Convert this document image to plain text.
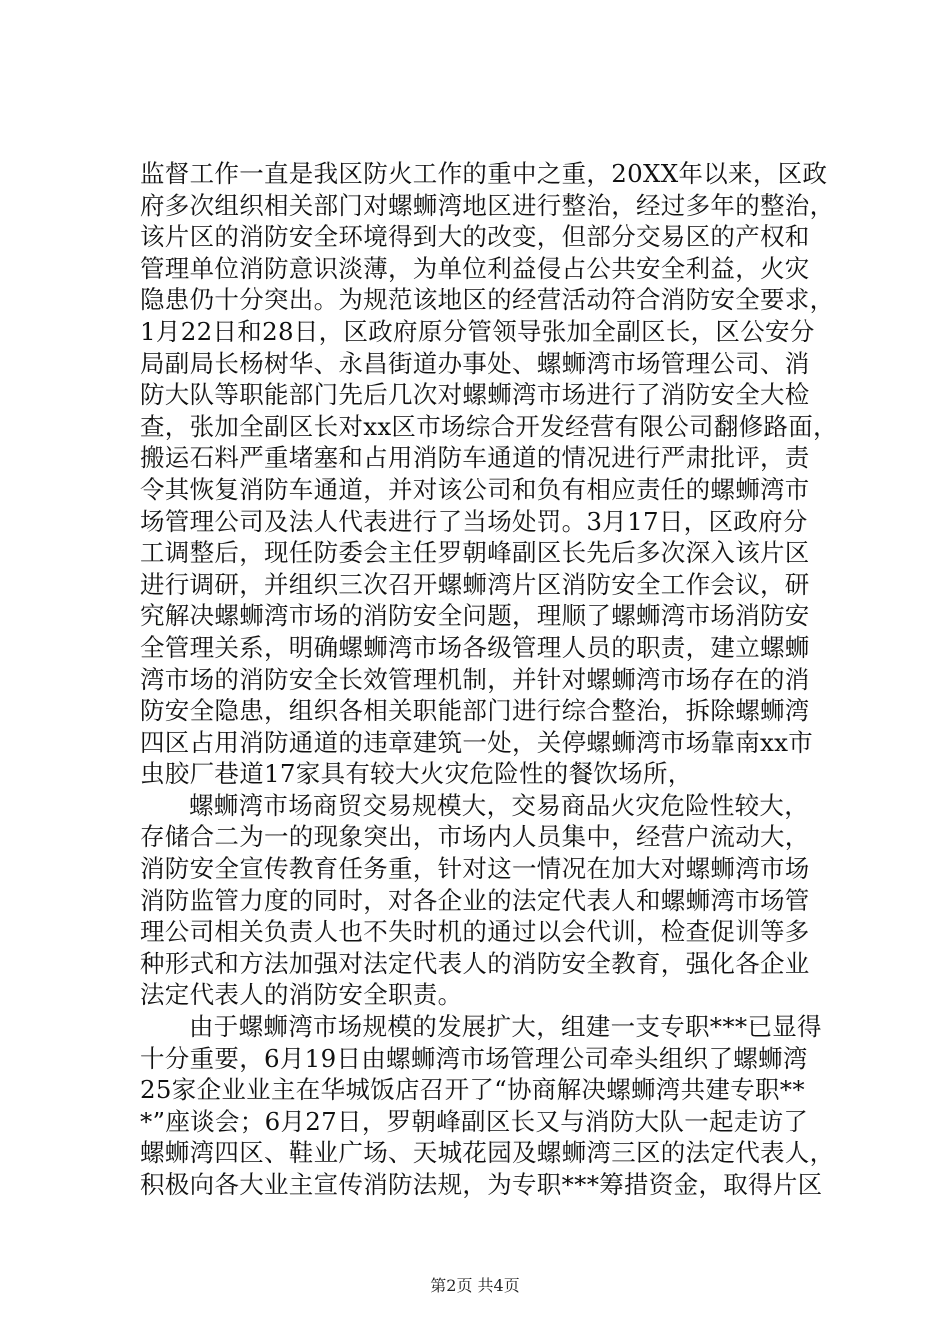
监督工作一直是我区防火工作的重中之重，20XX年以来，区政
府多次组织相关部门对螺蛳湾地区进行整治，经过多年的整治，
该片区的消防安全环境得到大的改变，但部分交易区的产权和
管理单位消防意识淡薄，为单位利益侵占公共安全利益，火灾
隐患仍十分突出。为规范该地区的经营活动符合消防安全要求，
1月22日和28日，区政府原分管领导张加全副区长，区公安分
局副局长杨树华、永昌街道办事处、螺蛳湾市场管理公司、消
防大队等职能部门先后几次对螺蛳湾市场进行了消防安全大检
查，张加全副区长对xx区市场综合开发经营有限公司翻修路面，
搬运石料严重堵塞和占用消防车通道的情况进行严肃批评，责
令其恢复消防车通道，并对该公司和负有相应责任的螺蛳湾市
场管理公司及法人代表进行了当场处罚。3月17日，区政府分
工调整后，现任防委会主任罗朝峰副区长先后多次深入该片区
进行调研，并组织三次召开螺蛳湾片区消防安全工作会议，研
究解决螺蛳湾市场的消防安全问题，理顺了螺蛳湾市场消防安
全管理关系，明确螺蛳湾市场各级管理人员的职责，建立螺蛳
湾市场的消防安全长效管理机制，并针对螺蛳湾市场存在的消
防安全隐患，组织各相关职能部门进行综合整治，拆除螺蛳湾
四区占用消防通道的违章建筑一处，关停螺蛳湾市场靠南xx市
虫胶厂巷道17家具有较大火灾危险性的餐饮场所，
螺蛳湾市场商贸交易规模大，交易商品火灾危险性较大，
存储合二为一的现象突出，市场内人员集中，经营户流动大，
消防安全宣传教育任务重，针对这一情况在加大对螺蛳湾市场
消防监管力度的同时，对各企业的法定代表人和螺蛳湾市场管
理公司相关负责人也不失时机的通过以会代训，检查促训等多
种形式和方法加强对法定代表人的消防安全教育，强化各企业
法定代表人的消防安全职责。
由于螺蛳湾市场规模的发展扩大，组建一支专职***已显得
十分重要，6月19日由螺蛳湾市场管理公司牵头组织了螺蛳湾
25家企业业主在华城饭店召开了“协商解决螺蛳湾共建专职**
*”座谈会；6月27日，罗朝峰副区长又与消防大队一起走访了
螺蛳湾四区、鞋业广场、天城花园及螺蛳湾三区的法定代表人，
积极向各大业主宣传消防法规，为专职***筹措资金，取得片区
第2页 共4页
